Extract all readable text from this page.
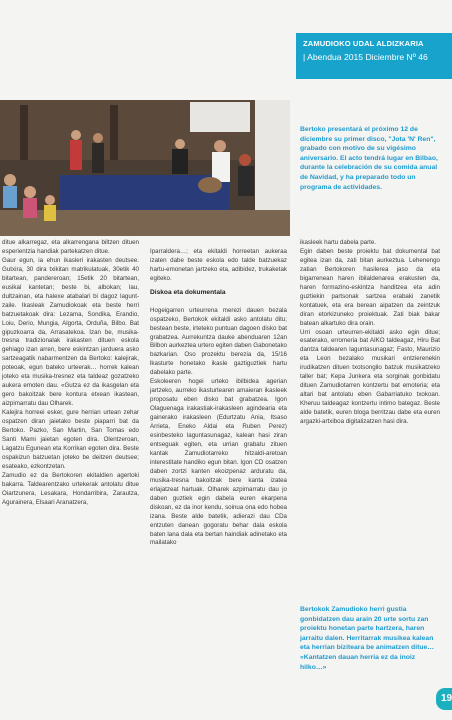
ZAMUDIOKO UDAL ALDIZKARIA
| Abendua 2015 Diciembre Nº 46
Bertoko presentará el próximo 12 de diciembre su primer disco, "Jota 'N' Ren", grabado con motivo de su vigésimo aniversario. El acto tendrá lugar en Bilbao, durante la celebración de su comida anual de Navidad, y ha preparado todo un programa de actividades.
ditue alkarregaz, eta alkarrengana biltzen dituen esperientzia handiak partekatzen ditue.
Gaur egun, ia ehun ikasleri irakasten deutsee. Gutxira, 30 dira txikitan matrikulatuak, 30etik 40 bitartean, pandereroan; 15etik 20 bitartean, eusikal kantetan; beste bi, albokan; lau, dultzainan, eta halexe atabalari bi dagoz laguntzaile. Ikasleak Zamudiokoak eta beste herri batzuetakoak dira: Lezama, Sondika, Erandio, Loiu, Derio, Mungia, Algorta, Orduña, Bilbo. Bat gipuzkoarra da, Arrasatekoa. Izan be, musika-tresna tradizionalak irakasten dituen eskola gehiago izan arren, bere eskintzan jarduera asko sartzeagatik nabarmentzen da Bertoko: kalejirak, poteoak, egun bateko urteerak… horrek kalean joteko eta musika-tresnez eta taldeaz gozatzeko aukera emoten dau. «Gutza ez da ikasgelan eta gero bakoitzak bere kontura etxean ikastean, aizpimarratu dau Olharek.
Kalejira horreei esker, gure herrian urtean zehar ospatzen diran jaietako beste piaparri bat da Bertoko. Pazko, San Martin, San Tomas edo Santi Mami jaietan egoten dira. Olentzeroan, Lagatzu Egunean eta Korrikan egoten dira. Beste ospakizun batzuetan joteko be deitzen deutsee; esateako, ezkontzetan.
Zamudio ez da Bertokoren ekitaldien agertoki bakarra. Taldearentzako urtekerak antolatu ditue Oiartzunera, Lesakara, Hondarribira, Zarautza, Agurainera, Elsaari Aranatzera,

Iparraldera…; eta ekitaldi horreetan aukeraa izaten dabe beste eskola edo talde batzuekaz hartu-emonetan jartzeko eta, adibidez, trukaketak egiteko.

Diskoa eta dokumentala

Hogeigarren urteurrena merezi dauen bezala ospatzeko, Bertokok ekitaldi asko antolatu ditu; bestean beste, irteteko puntuan dagoen disko bat grabatzea. Aurrekuntza dauke abenduaren 12an Bilbon aurkeztea urtero egiten daben Gabonetako bazkarian. Oso prozektu berezia da, 15/16 lkasturte honetako ikasle gaztiguztiek hartu dabelako parte.
Eskoleeren hogei urteko ibilbidea agerian jartzeko, aurreko ikasturtearen amaieran ikasleek proposatu eben disko bat grabatzea. Igon Olaguenaga irakastiak-irakasleen agindearia eta gainerako irakasleen (Edurtzatu Ania, Itsaso Arrieta, Eneko Aldai eta Ruben Perez) esinbesteko laguntasunagaz, kalean hasi ziran entseguak egiten, eta urrian grabatu zituen kantak Zamudiotarreko hitzaldi-aretoan interestitate handiko egun bitan. Igon CD osatzen daben zortzi kanten ekoizpenaz arduratu da, musika-tresna bakoitzak bere kanta izatea erlajatzeat hartuak. Olharek azpimarratu dau jo daben guztiek egin dabela euren ekarpena diskoan, ez da inor kendu, soinua ona edo hobea izana. Beste alde batetik, adierazi dau CDa entzuten danean gogoratu behar dala eskola baten lana dala eta bertan haindiak adinetako eta mailatako

ikasleek hartu dabela parte.
Egin daben beste proiektu bat dokumental bat egitea izan da, zati bitan aurkeztua. Lehenengo zatian Bertokoren hasilerea jaso da eta bigarrenean haren ibilaldenarea erakusten da, haren formazino-eskintza handitzea eta adin guztiekin partsonak sartzea erabaki zanetik kontatuek, eta era berean aipatzen da zeintzuk diran etorkizuneko proiektuak. Zati biak bakar batean alkartuko dira orain.
Urri osoan urteurren-ekitaldi asko egin ditue; esaterako, erromeria bat AIKO taldeagaz, Hiru Bat dantza taldearen laguntasunagaz; Fasto, Maurizio eta Leon bezalako musikari entzierenekin irudikatzen dituen txotsongilo batzuk musikatzeko taller bat; Kepa Junkera eta sorginak gonbidatu dituen Zamudiotarren kontzertu bat emoteria; eta altari bat antolatu eben Gabarriatuko txokoan. Kheruu taldeagaz kontzertu intimo bategaz. Beste alde batetik, euren bloga berritzau dabe eta euren argazki-artxiboa digitalizatzen hasi dira.
Bertokok Zamudioko herri gustia gonbidatzen dau arain 20 urte sortu zan proiektu honetan parte hartzera, haren jarraitu dalen. Herritarrak musikea kalean eta herrian biziteara be animatzen ditue… «Kantatzen dauan herria ez da inoiz hilko…»
19
